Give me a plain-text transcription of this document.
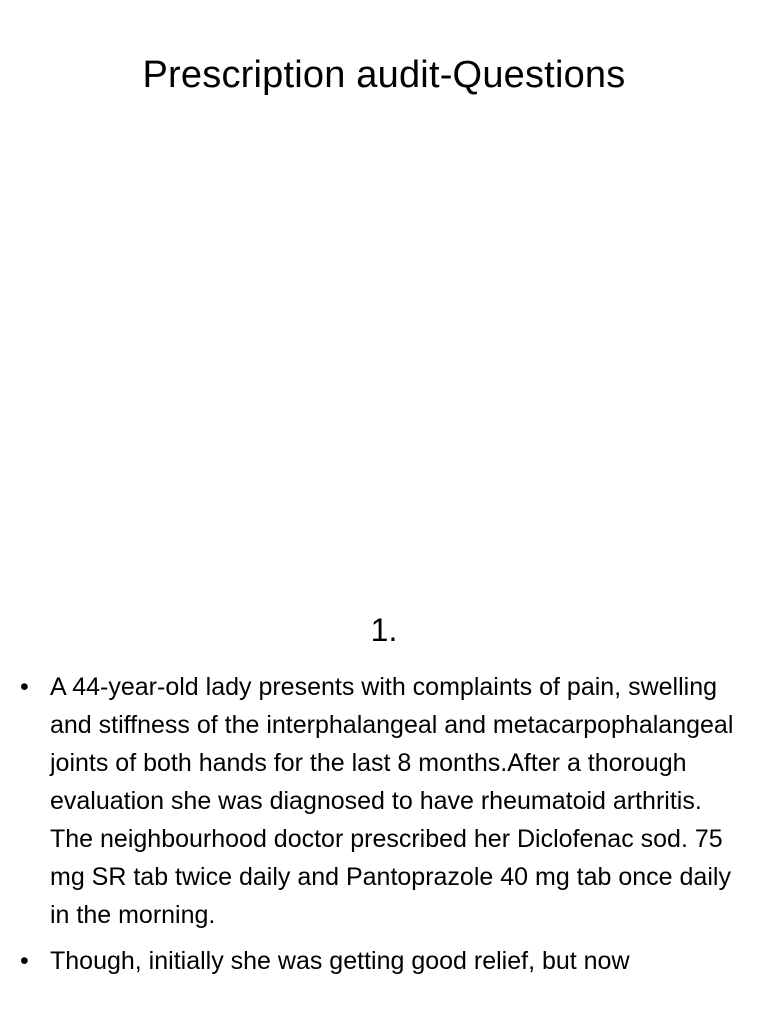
Prescription audit-Questions
1.
• A 44-year-old lady presents with complaints of pain, swelling and stiffness of the interphalangeal and metacarpophalangeal joints of both hands for the last 8 months.After a thorough evaluation she was diagnosed to have rheumatoid arthritis. The neighbourhood doctor prescribed her Diclofenac sod. 75 mg SR tab twice daily and Pantoprazole 40 mg tab once daily in the morning.
• Though, initially she was getting good relief, but now
